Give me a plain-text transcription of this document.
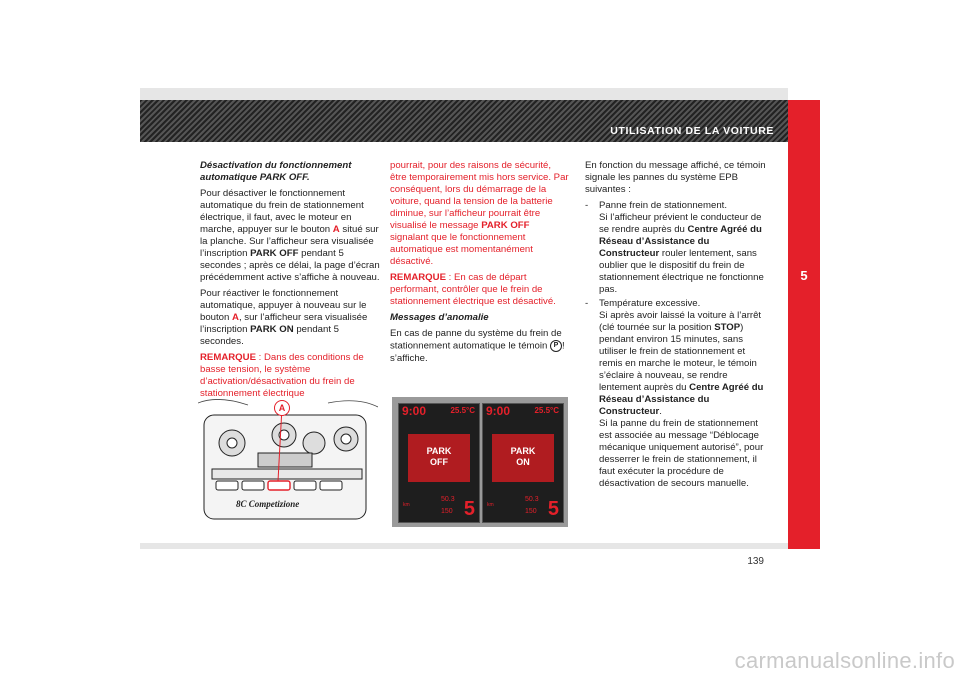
UTILISATION DE LA VOITURE
5
139
carmanualsonline.info

Désactivation du fonctionnement automatique PARK OFF.

Pour désactiver le fonctionnement automatique du frein de stationnement électrique, il faut, avec le moteur en marche, appuyer sur le bouton A situé sur la planche. Sur l’afficheur sera visualisée l’inscription PARK OFF pendant 5 secondes ; après ce délai, la page d’écran précédemment active s’affiche à nouveau.

Pour réactiver le fonctionnement automatique, appuyer à nouveau sur le bouton A, sur l’afficheur sera visualisée l’inscription PARK ON pendant 5 secondes.

REMARQUE : Dans des conditions de basse tension, le système d’activation/désactivation du frein de stationnement électrique

pourrait, pour des raisons de sécurité, être temporairement mis hors service. Par conséquent, lors du démarrage de la voiture, quand la tension de la batterie diminue, sur l’afficheur pourrait être visualisé le message PARK OFF signalant que le fonctionnement automatique est momentanément désactivé.

REMARQUE : En cas de départ performant, contrôler que le frein de stationnement électrique est désactivé.

Messages d’anomalie

En cas de panne du système du frein de stationnement automatique le témoin P ! s’affiche.

En fonction du message affiché, ce témoin signale les pannes du système EPB suivantes :

-	Panne frein de stationnement.
Si l’afficheur prévient le conducteur de se rendre auprès du Centre Agréé du Réseau d’Assistance du Constructeur rouler lentement, sans oublier que le dispositif du frein de stationnement électrique ne fonctionne pas.
-	Température excessive.
Si après avoir laissé la voiture à l’arrêt (clé tournée sur la position STOP) pendant environ 15 minutes, sans utiliser le frein de stationnement et remis en marche le moteur, le témoin s’éclaire à nouveau, se rendre lentement auprès du Centre Agréé du Réseau d’Assistance du Constructeur.
Si la panne du frein de stationnement est associée au message “Déblocage mécanique uniquement autorisé”, pour desserrer le frein de stationnement, il faut exécuter la procédure de désactivation de secours manuelle.
8C Competizione
A	9:00	25.5°C
PARK
OFF
km
50.3
150 5
9:00	25.5°C
PARK
ON
km
50.3
150 5
